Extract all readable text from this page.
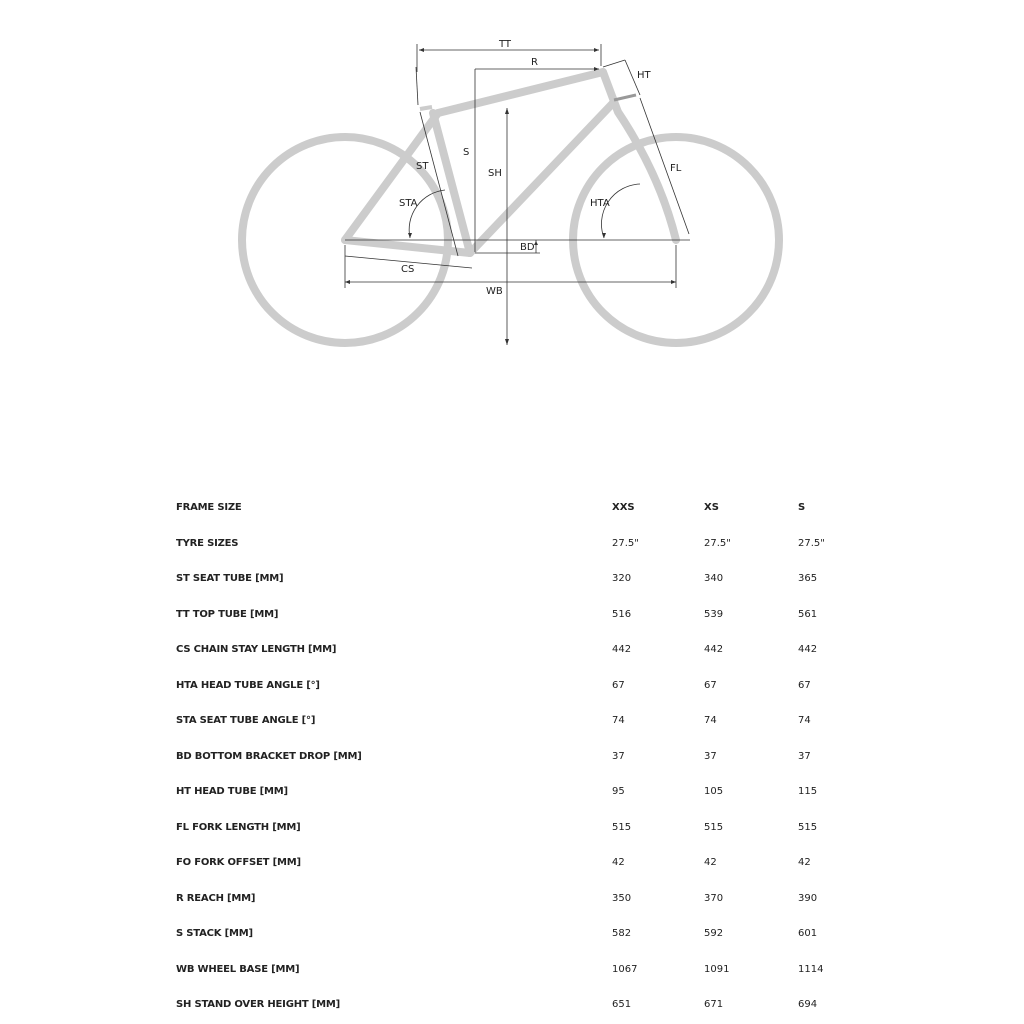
TT
R
HT
ST
S
SH	FL
STA	HTA
BD
CS
WB
FRAME SIZE	XXS	XS	S
TYRE SIZES	27.5"	27.5"	27.5"
ST SEAT TUBE [MM]	320	340	365
TT TOP TUBE [MM]	516	539	561
CS CHAIN STAY LENGTH [MM]	442	442	442
HTA HEAD TUBE ANGLE [°]	67	67	67
STA SEAT TUBE ANGLE [°]	74	74	74
BD BOTTOM BRACKET DROP [MM]	37	37	37
HT HEAD TUBE [MM]	95	105	115
FL FORK LENGTH [MM]	515	515	515
FO FORK OFFSET [MM]	42	42	42
R REACH [MM]	350	370	390
S STACK [MM]	582	592	601
WB WHEEL BASE [MM]	1067	1091	1114
SH STAND OVER HEIGHT [MM]	651	671	694
